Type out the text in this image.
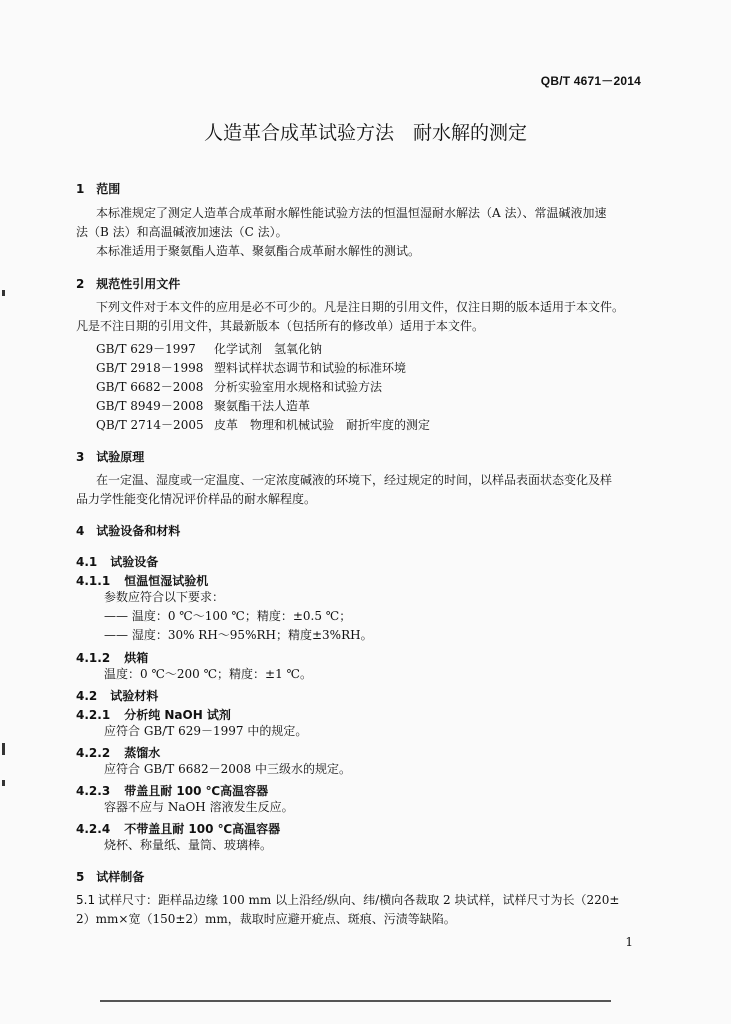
QB/T 4671－2014
人造革合成革试验方法　耐水解的测定
1 范围
本标准规定了测定人造革合成革耐水解性能试验方法的恒温恒湿耐水解法（A 法）、常温碱液加速
法（B 法）和高温碱液加速法（C 法）。
本标准适用于聚氨酯人造革、聚氨酯合成革耐水解性的测试。
2 规范性引用文件
下列文件对于本文件的应用是必不可少的。凡是注日期的引用文件，仅注日期的版本适用于本文件。
凡是不注日期的引用文件，其最新版本（包括所有的修改单）适用于本文件。
GB/T 629－1997 化学试剂　氢氧化钠
GB/T 2918－1998 塑料试样状态调节和试验的标准环境
GB/T 6682－2008 分析实验室用水规格和试验方法
GB/T 8949－2008 聚氨酯干法人造革
QB/T 2714－2005 皮革　物理和机械试验　耐折牢度的测定
3 试验原理
在一定温、湿度或一定温度、一定浓度碱液的环境下，经过规定的时间，以样品表面状态变化及样
品力学性能变化情况评价样品的耐水解程度。
4 试验设备和材料
4.1 试验设备
4.1.1 恒温恒湿试验机
参数应符合以下要求：
—— 温度：0 ℃～100 ℃；精度：±0.5 ℃；
—— 湿度：30% RH～95%RH；精度±3%RH。
4.1.2 烘箱
温度：0 ℃～200 ℃；精度：±1 ℃。
4.2 试验材料
4.2.1 分析纯 NaOH 试剂
应符合 GB/T 629－1997 中的规定。
4.2.2 蒸馏水
应符合 GB/T 6682－2008 中三级水的规定。
4.2.3 带盖且耐 100 ℃高温容器
容器不应与 NaOH 溶液发生反应。
4.2.4 不带盖且耐 100 ℃高温容器
烧杯、称量纸、量筒、玻璃棒。
5 试样制备
5.1 试样尺寸：距样品边缘 100 mm 以上沿经/纵向、纬/横向各裁取 2 块试样，试样尺寸为长（220±
2）mm×宽（150±2）mm，裁取时应避开疵点、斑痕、污渍等缺陷。
1
